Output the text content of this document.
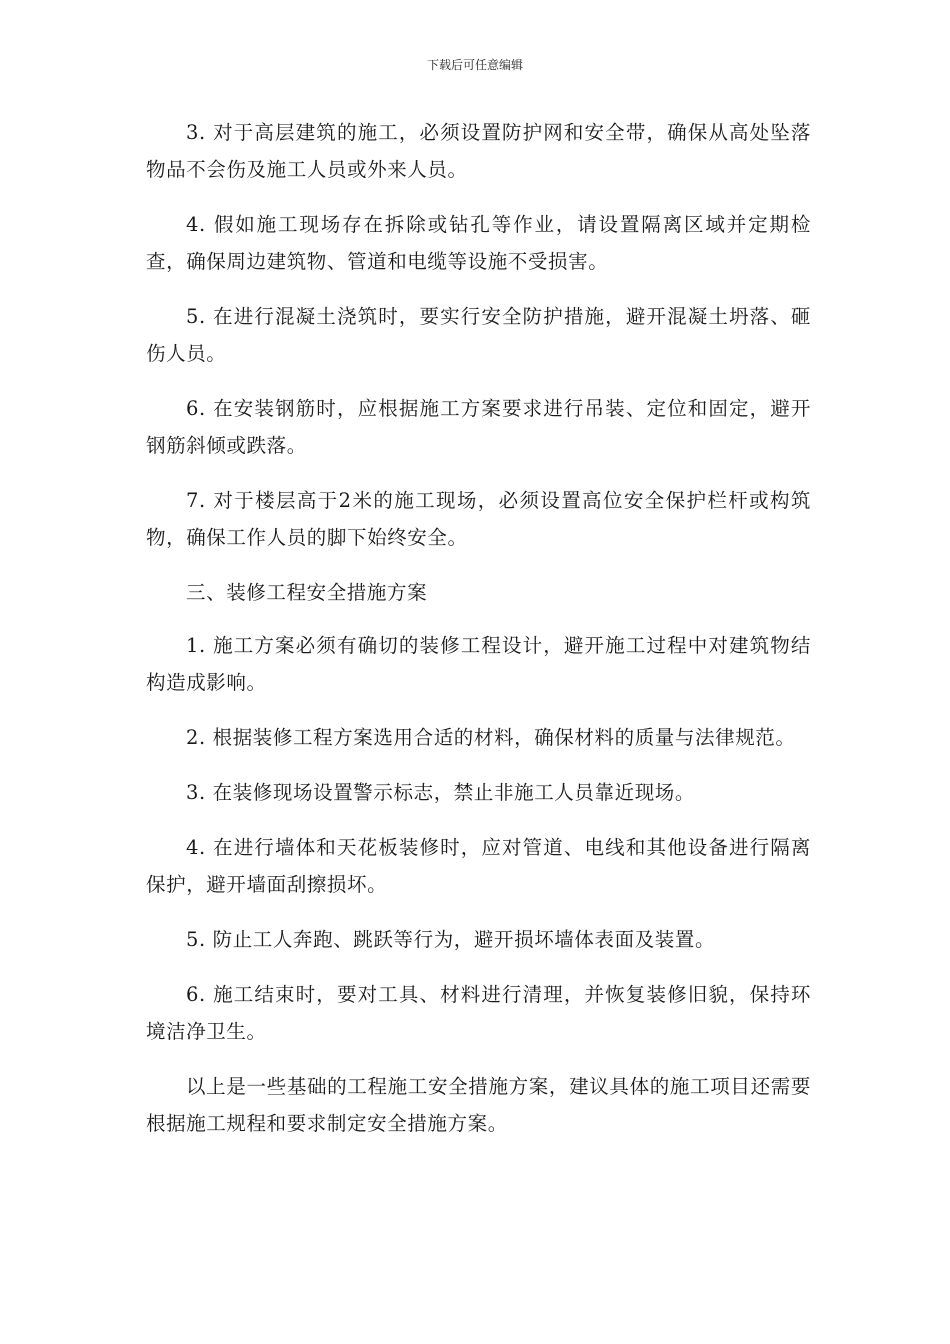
下载后可任意编辑

3. 对于高层建筑的施工，必须设置防护网和安全带，确保从高处坠落物品不会伤及施工人员或外来人员。

4. 假如施工现场存在拆除或钻孔等作业，请设置隔离区域并定期检查，确保周边建筑物、管道和电缆等设施不受损害。

5. 在进行混凝土浇筑时，要实行安全防护措施，避开混凝土坍落、砸伤人员。

6. 在安装钢筋时，应根据施工方案要求进行吊装、定位和固定，避开钢筋斜倾或跌落。

7. 对于楼层高于2米的施工现场，必须设置高位安全保护栏杆或构筑物，确保工作人员的脚下始终安全。

三、装修工程安全措施方案

1. 施工方案必须有确切的装修工程设计，避开施工过程中对建筑物结构造成影响。

2. 根据装修工程方案选用合适的材料，确保材料的质量与法律规范。

3. 在装修现场设置警示标志，禁止非施工人员靠近现场。

4. 在进行墙体和天花板装修时，应对管道、电线和其他设备进行隔离保护，避开墙面刮擦损坏。

5. 防止工人奔跑、跳跃等行为，避开损坏墙体表面及装置。

6. 施工结束时，要对工具、材料进行清理，并恢复装修旧貌，保持环境洁净卫生。

以上是一些基础的工程施工安全措施方案，建议具体的施工项目还需要根据施工规程和要求制定安全措施方案。
